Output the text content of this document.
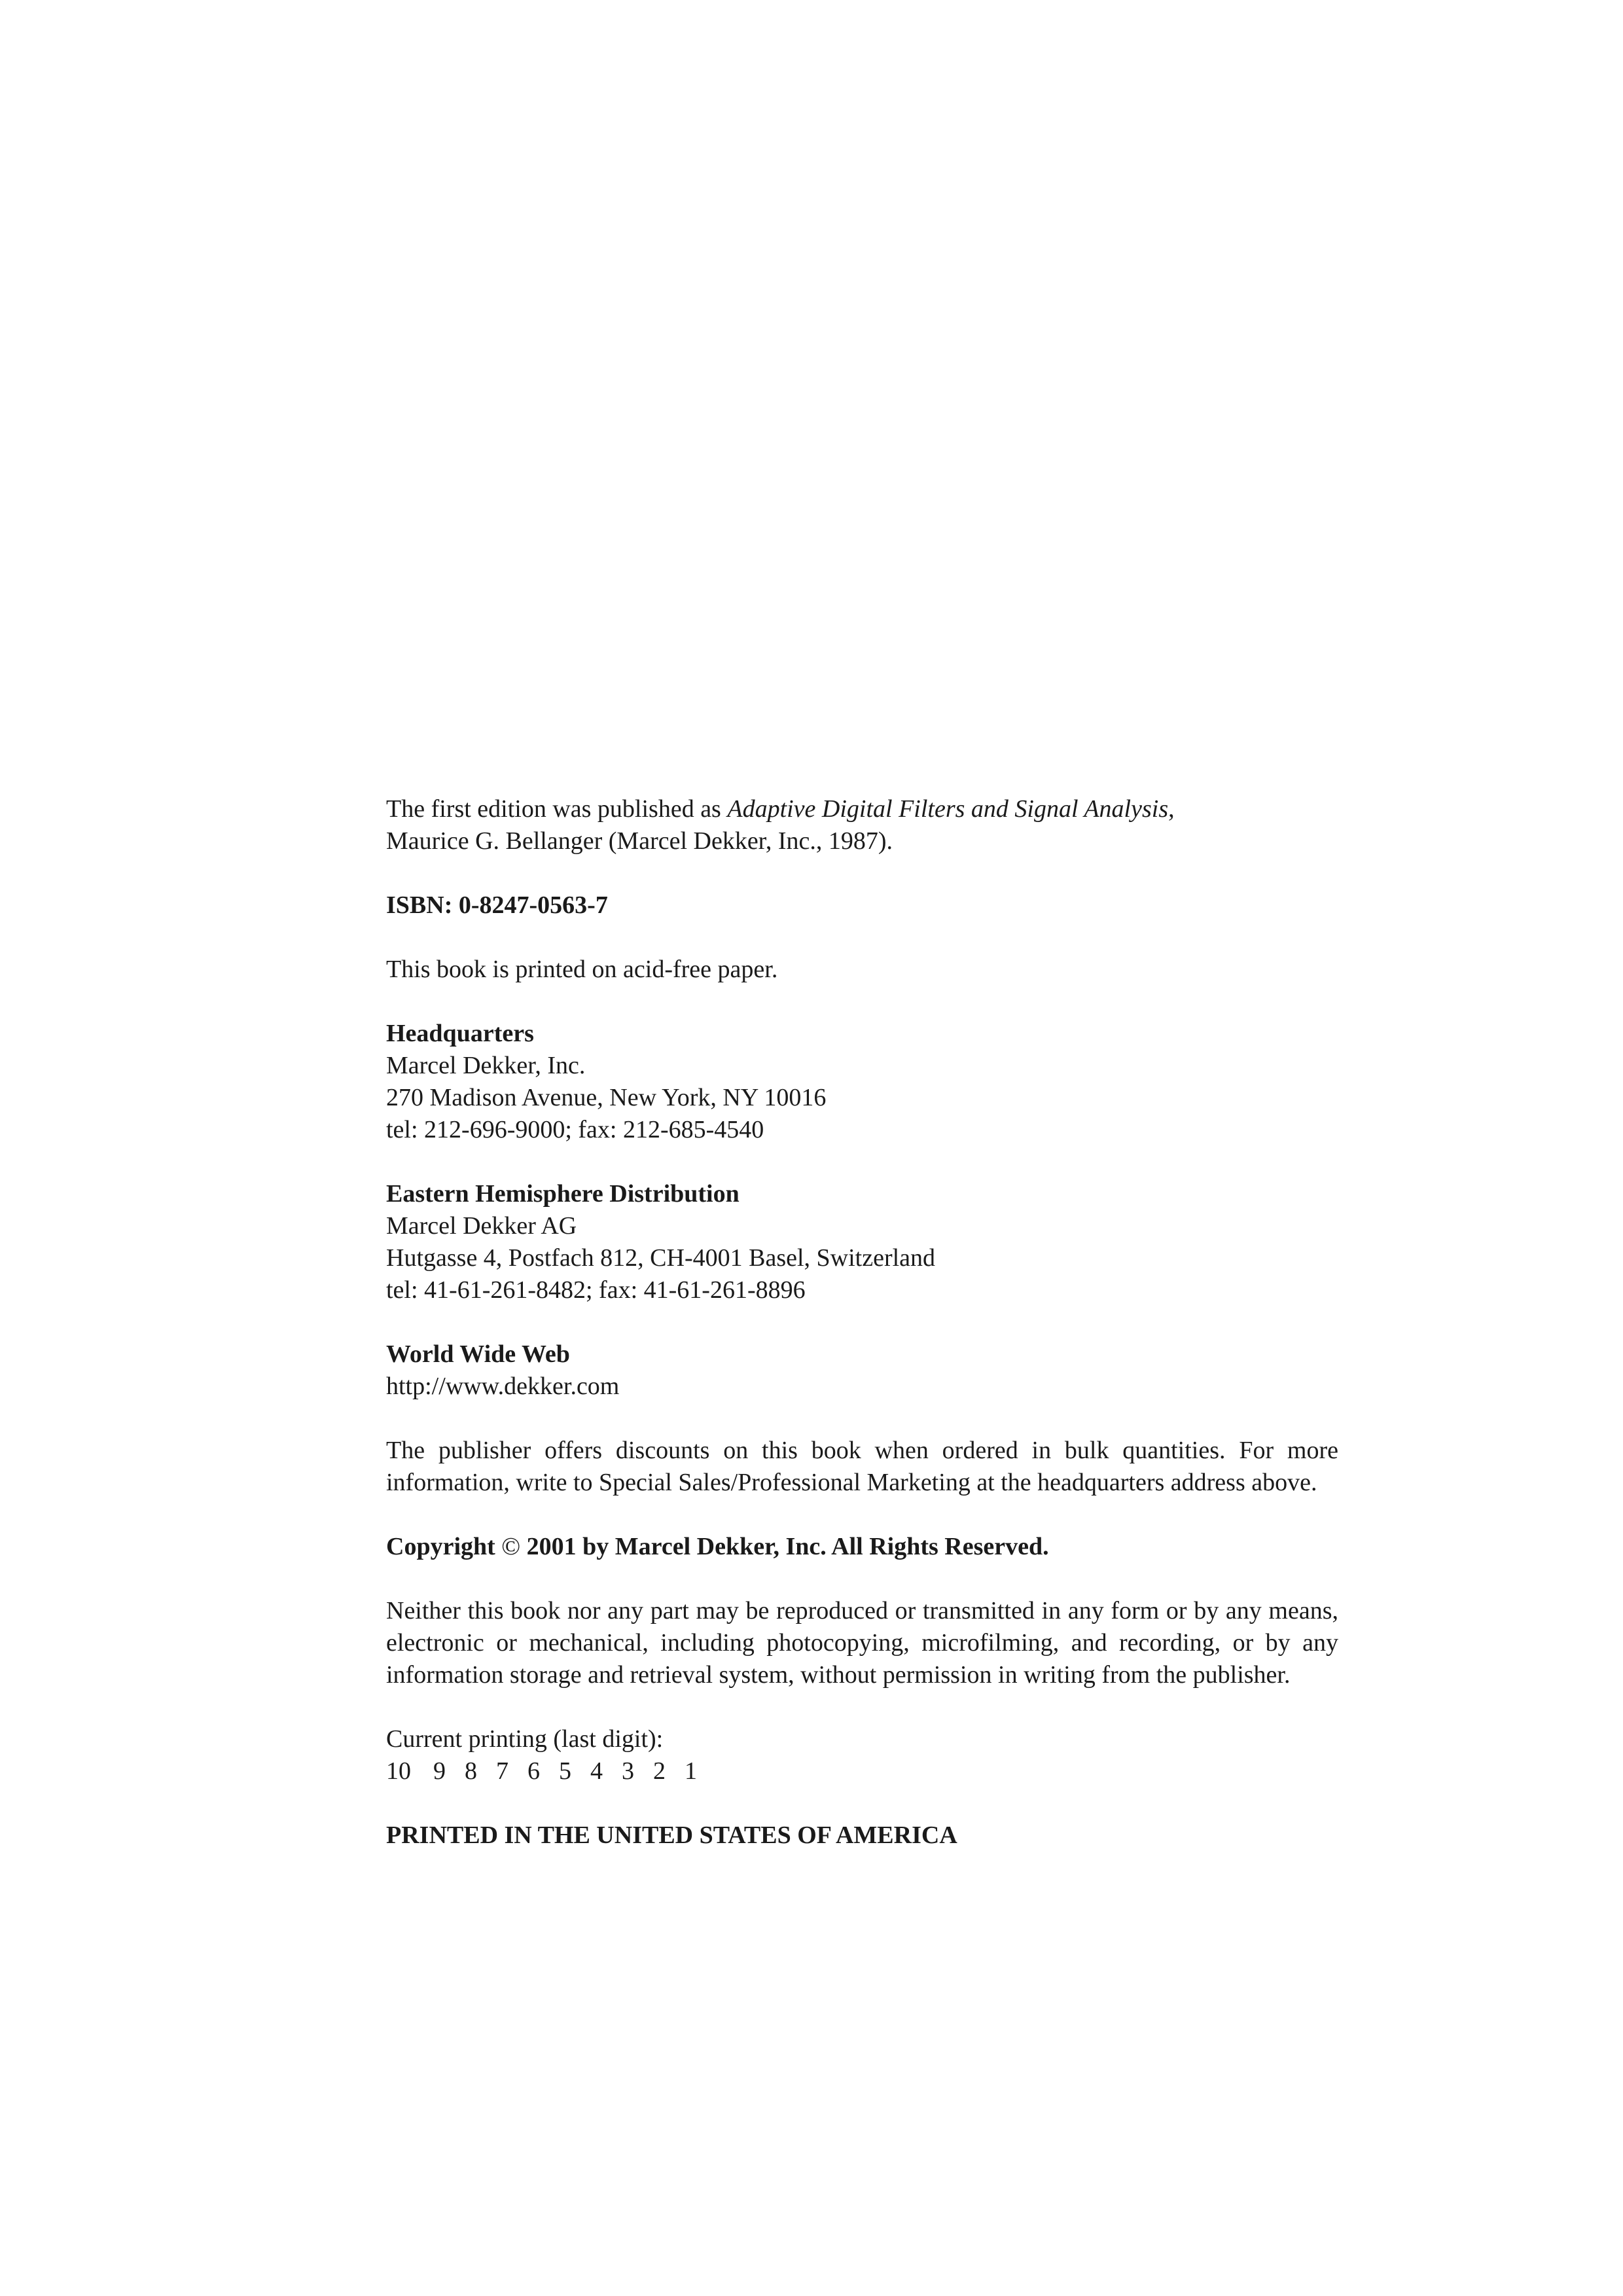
The first edition was published as Adaptive Digital Filters and Signal Analysis,
Maurice G. Bellanger (Marcel Dekker, Inc., 1987).

ISBN: 0-8247-0563-7

This book is printed on acid-free paper.

Headquarters
Marcel Dekker, Inc.
270 Madison Avenue, New York, NY 10016
tel: 212-696-9000; fax: 212-685-4540

Eastern Hemisphere Distribution
Marcel Dekker AG
Hutgasse 4, Postfach 812, CH-4001 Basel, Switzerland
tel: 41-61-261-8482; fax: 41-61-261-8896

World Wide Web
http://www.dekker.com

The publisher offers discounts on this book when ordered in bulk quantities. For more information, write to Special Sales/Professional Marketing at the headquarters address above.

Copyright © 2001 by Marcel Dekker, Inc. All Rights Reserved.

Neither this book nor any part may be reproduced or transmitted in any form or by any means, electronic or mechanical, including photocopying, microfilming, and recording, or by any information storage and retrieval system, without permission in writing from the publisher.

Current printing (last digit):
10 9 8 7 6 5 4 3 2 1

PRINTED IN THE UNITED STATES OF AMERICA
